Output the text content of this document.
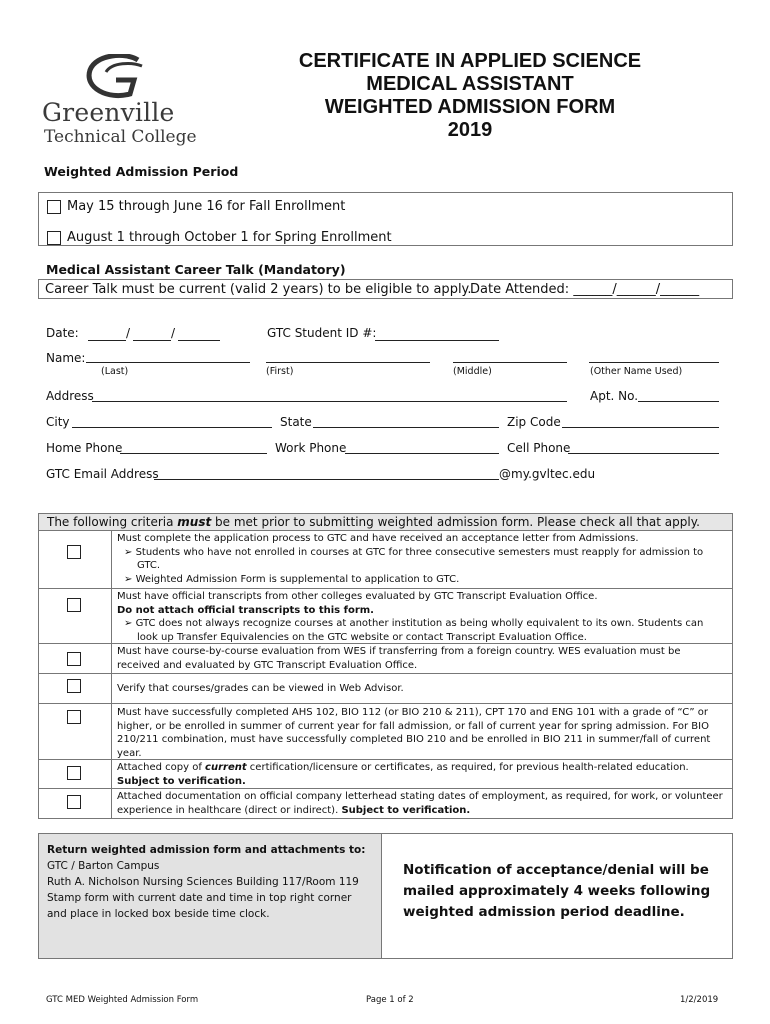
Greenville
Technical College
CERTIFICATE IN APPLIED SCIENCE
MEDICAL ASSISTANT
WEIGHTED ADMISSION FORM
2019
Weighted Admission Period
May 15 through June 16 for Fall Enrollment
August 1 through October 1 for Spring Enrollment
Medical Assistant Career Talk (Mandatory)
Career Talk must be current (valid 2 years) to be eligible to apply.
Date Attended: ______/______/______
Date:	/	/	GTC Student ID #:
Name:
(Last)	(First)	(Middle)	(Other Name Used)
Address	Apt. No.
City	State	Zip Code
Home Phone	Work Phone	Cell Phone
GTC Email Address	@my.gvltec.edu
The following criteria must be met prior to submitting weighted admission form. Please check all that apply.
Must complete the application process to GTC and have received an acceptance letter from Admissions.
➢ Students who have not enrolled in courses at GTC for three consecutive semesters must reapply for admission to GTC.
➢ Weighted Admission Form is supplemental to application to GTC.
Must have official transcripts from other colleges evaluated by GTC Transcript Evaluation Office.
Do not attach official transcripts to this form.
➢ GTC does not always recognize courses at another institution as being wholly equivalent to its own. Students can look up Transfer Equivalencies on the GTC website or contact Transcript Evaluation Office.
Must have course-by-course evaluation from WES if transferring from a foreign country. WES evaluation must be received and evaluated by GTC Transcript Evaluation Office.
Verify that courses/grades can be viewed in Web Advisor.
Must have successfully completed AHS 102, BIO 112 (or BIO 210 & 211), CPT 170 and ENG 101 with a grade of “C” or higher, or be enrolled in summer of current year for fall admission, or fall of current year for spring admission. For BIO 210/211 combination, must have successfully completed BIO 210 and be enrolled in BIO 211 in summer/fall of current year.
Attached copy of current certification/licensure or certificates, as required, for previous health-related education.
Subject to verification.
Attached documentation on official company letterhead stating dates of employment, as required, for work, or volunteer experience in healthcare (direct or indirect). Subject to verification.
Return weighted admission form and attachments to:
GTC / Barton Campus
Ruth A. Nicholson Nursing Sciences Building 117/Room 119
Stamp form with current date and time in top right corner and place in locked box beside time clock.
Notification of acceptance/denial will be mailed approximately 4 weeks following weighted admission period deadline.
GTC MED Weighted Admission Form	Page 1 of 2	1/2/2019
